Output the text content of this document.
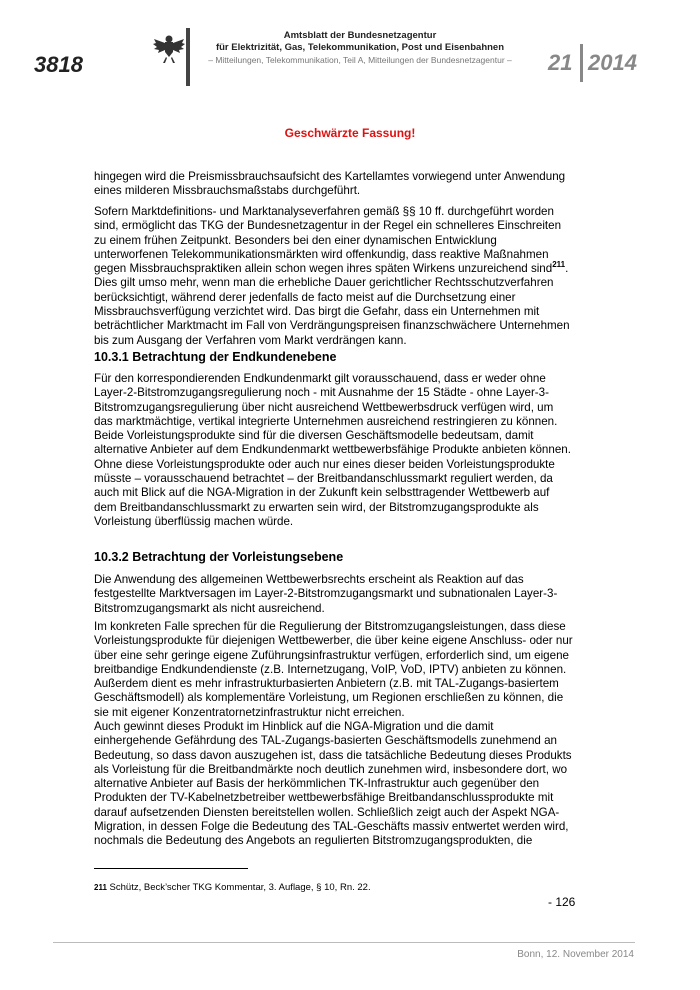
3818
Amtsblatt der Bundesnetzagentur
für Elektrizität, Gas, Telekommunikation, Post und Eisenbahnen
– Mitteilungen, Telekommunikation, Teil A, Mitteilungen der Bundesnetzagentur –	21 2014
Geschwärzte Fassung!
hingegen wird die Preismissbrauchsaufsicht des Kartellamtes vorwiegend unter Anwendung eines milderen Missbrauchsmaßstabs durchgeführt.
Sofern Marktdefinitions- und Marktanalyseverfahren gemäß §§ 10 ff. durchgeführt worden sind, ermöglicht das TKG der Bundesnetzagentur in der Regel ein schnelleres Einschreiten zu einem frühen Zeitpunkt. Besonders bei den einer dynamischen Entwicklung unterworfenen Telekommunikationsmärkten wird offenkundig, dass reaktive Maßnahmen gegen Missbrauchspraktiken allein schon wegen ihres späten Wirkens unzureichend sind$^{211}$. Dies gilt umso mehr, wenn man die erhebliche Dauer gerichtlicher Rechtsschutzverfahren berücksichtigt, während derer jedenfalls de facto meist auf die Durchsetzung einer Missbrauchsverfügung verzichtet wird. Das birgt die Gefahr, dass ein Unternehmen mit beträchtlicher Marktmacht im Fall von Verdrängungspreisen finanzschwächere Unternehmen bis zum Ausgang der Verfahren vom Markt verdrängen kann.
10.3.1 Betrachtung der Endkundenebene
Für den korrespondierenden Endkundenmarkt gilt vorausschauend, dass er weder ohne Layer-2-Bitstromzugangsregulierung noch - mit Ausnahme der 15 Städte - ohne Layer-3-Bitstromzugangsregulierung über nicht ausreichend Wettbewerbsdruck verfügen wird, um das marktmächtige, vertikal integrierte Unternehmen ausreichend restringieren zu können. Beide Vorleistungsprodukte sind für die diversen Geschäftsmodelle bedeutsam, damit alternative Anbieter auf dem Endkundenmarkt wettbewerbsfähige Produkte anbieten können. Ohne diese Vorleistungsprodukte oder auch nur eines dieser beiden Vorleistungsprodukte müsste – vorausschauend betrachtet – der Breitbandanschlussmarkt reguliert werden, da auch mit Blick auf die NGA-Migration in der Zukunft kein selbsttragender Wettbewerb auf dem Breitbandanschlussmarkt zu erwarten sein wird, der Bitstromzugangsprodukte als Vorleistung überflüssig machen würde.
10.3.2 Betrachtung der Vorleistungsebene
Die Anwendung des allgemeinen Wettbewerbsrechts erscheint als Reaktion auf das festgestellte Marktversagen im Layer-2-Bitstromzugangsmarkt und subnationalen Layer-3-Bitstromzugangsmarkt als nicht ausreichend.
Im konkreten Falle sprechen für die Regulierung der Bitstromzugangsleistungen, dass diese Vorleistungsprodukte für diejenigen Wettbewerber, die über keine eigene Anschluss- oder nur über eine sehr geringe eigene Zuführungsinfrastruktur verfügen, erforderlich sind, um eigene breitbandige Endkundendienste (z.B. Internetzugang, VoIP, VoD, IPTV) anbieten zu können. Außerdem dient es mehr infrastrukturbasierten Anbietern (z.B. mit TAL-Zugangs-basiertem Geschäftsmodell) als komplementäre Vorleistung, um Regionen erschließen zu können, die sie mit eigener Konzentratornetzinfrastruktur nicht erreichen.
Auch gewinnt dieses Produkt im Hinblick auf die NGA-Migration und die damit einhergehende Gefährdung des TAL-Zugangs-basierten Geschäftsmodells zunehmend an Bedeutung, so dass davon auszugehen ist, dass die tatsächliche Bedeutung dieses Produkts als Vorleistung für die Breitbandmärkte noch deutlich zunehmen wird, insbesondere dort, wo alternative Anbieter auf Basis der herkömmlichen TK-Infrastruktur auch gegenüber den Produkten der TV-Kabelnetzbetreiber wettbewerbsfähige Breitbandanschlussprodukte mit darauf aufsetzenden Diensten bereitstellen wollen. Schließlich zeigt auch der Aspekt NGA-Migration, in dessen Folge die Bedeutung des TAL-Geschäfts massiv entwertet werden wird, nochmals die Bedeutung des Angebots an regulierten Bitstromzugangsprodukten, die
211 Schütz, Beck’scher TKG Kommentar, 3. Auflage, § 10, Rn. 22.
- 126
Bonn, 12. November 2014
